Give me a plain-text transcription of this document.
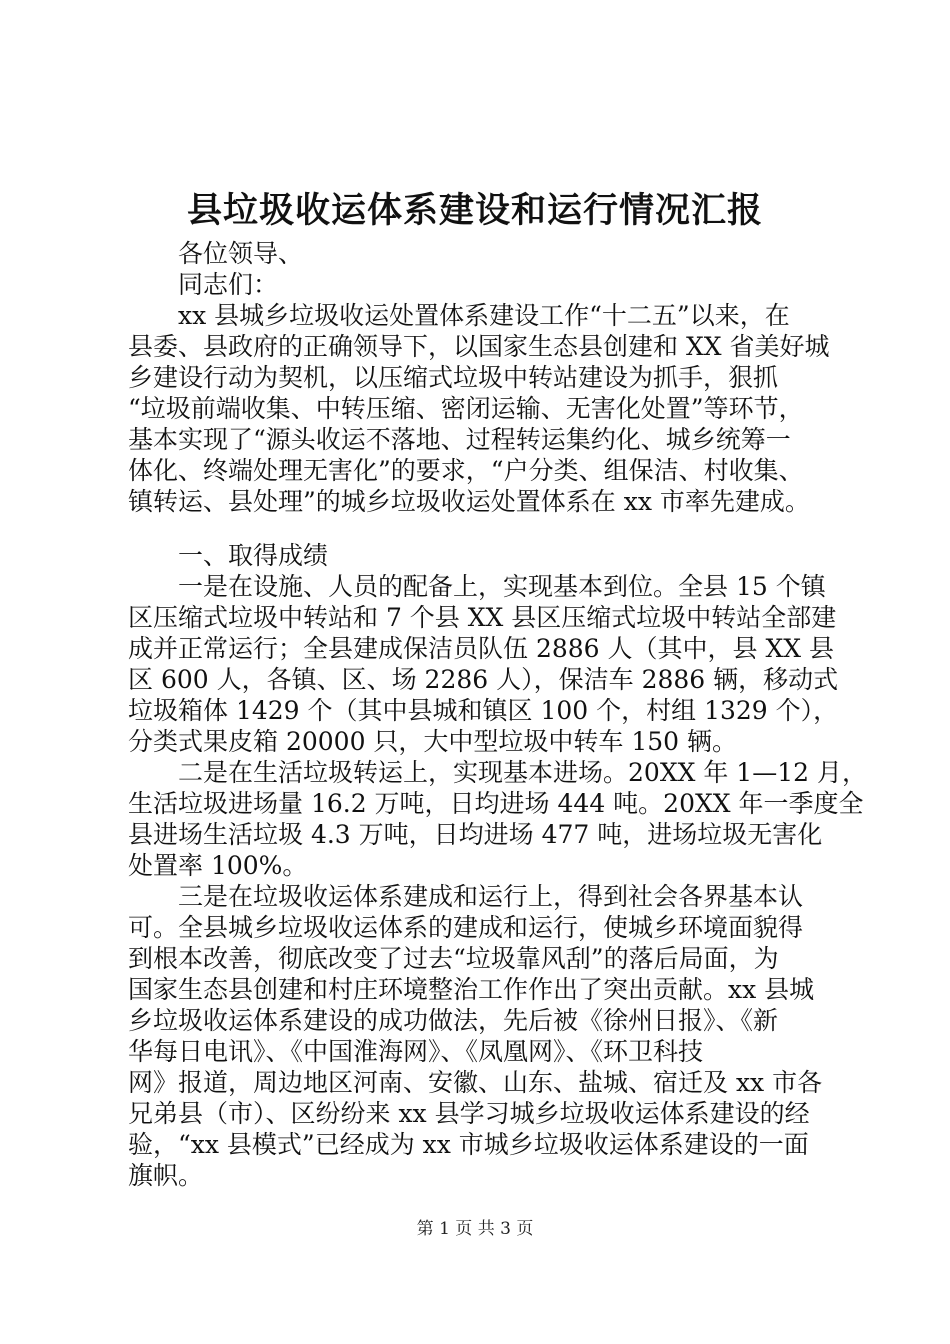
县垃圾收运体系建设和运行情况汇报
各位领导、
同志们：
xx 县城乡垃圾收运处置体系建设工作“十二五”以来，在
县委、县政府的正确领导下，以国家生态县创建和 XX 省美好城
乡建设行动为契机，以压缩式垃圾中转站建设为抓手，狠抓
“垃圾前端收集、中转压缩、密闭运输、无害化处置”等环节，
基本实现了“源头收运不落地、过程转运集约化、城乡统筹一
体化、终端处理无害化”的要求，“户分类、组保洁、村收集、
镇转运、县处理”的城乡垃圾收运处置体系在 xx 市率先建成。
一、取得成绩
一是在设施、人员的配备上，实现基本到位。全县 15 个镇
区压缩式垃圾中转站和 7 个县 XX 县区压缩式垃圾中转站全部建
成并正常运行；全县建成保洁员队伍 2886 人（其中，县 XX 县
区 600 人，各镇、区、场 2286 人），保洁车 2886 辆，移动式
垃圾箱体 1429 个（其中县城和镇区 100 个，村组 1329 个），
分类式果皮箱 20000 只，大中型垃圾中转车 150 辆。
二是在生活垃圾转运上，实现基本进场。20XX 年 1—12 月，
生活垃圾进场量 16.2 万吨，日均进场 444 吨。20XX 年一季度全
县进场生活垃圾 4.3 万吨，日均进场 477 吨，进场垃圾无害化
处置率 100%。
三是在垃圾收运体系建成和运行上，得到社会各界基本认
可。全县城乡垃圾收运体系的建成和运行，使城乡环境面貌得
到根本改善，彻底改变了过去“垃圾靠风刮”的落后局面，为
国家生态县创建和村庄环境整治工作作出了突出贡献。xx 县城
乡垃圾收运体系建设的成功做法，先后被《徐州日报》、《新
华每日电讯》、《中国淮海网》、《凤凰网》、《环卫科技
网》报道，周边地区河南、安徽、山东、盐城、宿迁及 xx 市各
兄弟县（市）、区纷纷来 xx 县学习城乡垃圾收运体系建设的经
验，“xx 县模式”已经成为 xx 市城乡垃圾收运体系建设的一面
旗帜。
第 1 页 共 3 页
